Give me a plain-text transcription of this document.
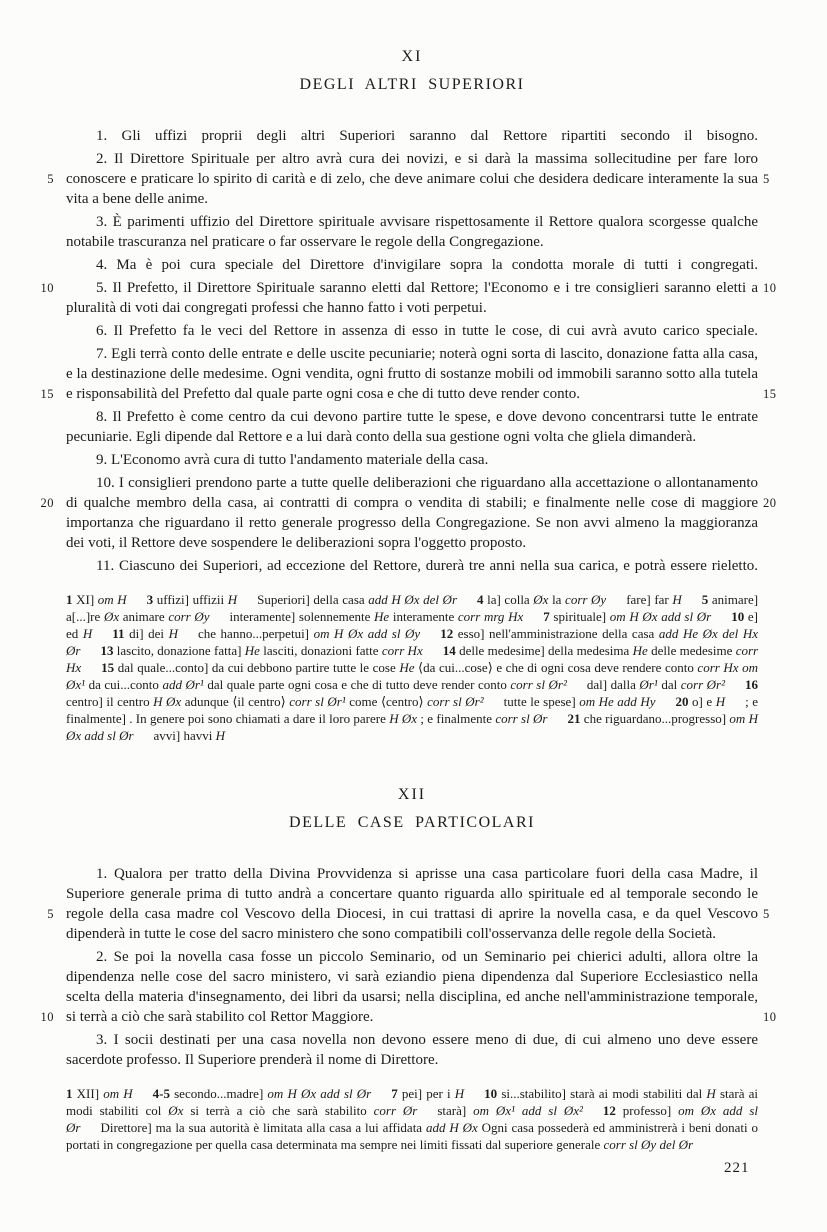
XI

DEGLI ALTRI SUPERIORI

1. Gli uffizi proprii degli altri Superiori saranno dal Rettore ripartiti secondo il bisogno.

5	5
2. Il Direttore Spirituale per altro avrà cura dei novizi, e si darà la massima sollecitudine per fare loro conoscere e praticare lo spirito di carità e di zelo, che deve animare colui che desidera dedicare interamente la sua vita a bene delle anime.

3. È parimenti uffizio del Direttore spirituale avvisare rispettosamente il Rettore qualora scorgesse qualche notabile trascuranza nel praticare o far osservare le regole della Congregazione.

4. Ma è poi cura speciale del Direttore d'invigilare sopra la condotta morale di tutti i congregati.

10	10
5. Il Prefetto, il Direttore Spirituale saranno eletti dal Rettore; l'Economo e i tre consiglieri saranno eletti a pluralità di voti dai congregati professi che hanno fatto i voti perpetui.

6. Il Prefetto fa le veci del Rettore in assenza di esso in tutte le cose, di cui avrà avuto carico speciale.

15	15
7. Egli terrà conto delle entrate e delle uscite pecuniarie; noterà ogni sorta di lascito, donazione fatta alla casa, e la destinazione delle medesime. Ogni vendita, ogni frutto di sostanze mobili od immobili saranno sotto alla tutela e risponsabilità del Prefetto dal quale parte ogni cosa e che di tutto deve render conto.

8. Il Prefetto è come centro da cui devono partire tutte le spese, e dove devono concentrarsi tutte le entrate pecuniarie. Egli dipende dal Rettore e a lui darà conto della sua gestione ogni volta che gliela dimanderà.

9. L'Economo avrà cura di tutto l'andamento materiale della casa.

20	20
10. I consiglieri prendono parte a tutte quelle deliberazioni che riguardano alla accettazione o allontanamento di qualche membro della casa, ai contratti di compra o vendita di stabili; e finalmente nelle cose di maggiore importanza che riguardano il retto generale progresso della Congregazione. Se non avvi almeno la maggioranza dei voti, il Rettore deve sospendere le deliberazioni sopra l'oggetto proposto.

11. Ciascuno dei Superiori, ad eccezione del Rettore, durerà tre anni nella sua carica, e potrà essere rieletto.

1 XI] om H 3 uffizi] uffizii H Superiori] della casa add H Øx del Ør 4 la] colla Øx la corr Øy fare] far H 5 animare] a[...]re Øx animare corr Øy interamente] solennemente He interamente corr mrg Hx 7 spirituale] om H Øx add sl Ør 10 e] ed H 11 di] dei H che hanno...perpetui] om H Øx add sl Øy 12 esso] nell'amministrazione della casa add He Øx del Hx Ør 13 lascito, donazione fatta] He lasciti, donazioni fatte corr Hx 14 delle medesime] della medesima He delle medesime corr Hx 15 dal quale...conto] da cui debbono partire tutte le cose He ⟨da cui...cose⟩ e che di ogni cosa deve rendere conto corr Hx om Øx¹ da cui...conto add Ør¹ dal quale parte ogni cosa e che di tutto deve render conto corr sl Ør² dal] dalla Ør¹ dal corr Ør² 16 centro] il centro H Øx adunque ⟨il centro⟩ corr sl Ør¹ come ⟨centro⟩ corr sl Ør² tutte le spese] om He add Hy 20 o] e H ; e finalmente] . In genere poi sono chiamati a dare il loro parere H Øx ; e finalmente corr sl Ør 21 che riguardano...progresso] om H Øx add sl Ør avvi] havvi H

XII

DELLE CASE PARTICOLARI

5	5
1. Qualora per tratto della Divina Provvidenza si aprisse una casa particolare fuori della casa Madre, il Superiore generale prima di tutto andrà a concertare quanto riguarda allo spirituale ed al temporale secondo le regole della casa madre col Vescovo della Diocesi, in cui trattasi di aprire la novella casa, e da quel Vescovo dipenderà in tutte le cose del sacro ministero che sono compatibili coll'osservanza delle regole della Società.

10	10
2. Se poi la novella casa fosse un piccolo Seminario, od un Seminario pei chierici adulti, allora oltre la dipendenza nelle cose del sacro ministero, vi sarà eziandio piena dipendenza dal Superiore Ecclesiastico nella scelta della materia d'insegnamento, dei libri da usarsi; nella disciplina, ed anche nell'amministrazione temporale, si terrà a ciò che sarà stabilito col Rettor Maggiore.

3. I socii destinati per una casa novella non devono essere meno di due, di cui almeno uno deve essere sacerdote professo. Il Superiore prenderà il nome di Direttore.

1 XII] om H 4-5 secondo...madre] om H Øx add sl Ør 7 pei] per i H 10 si...stabilito] starà ai modi stabiliti dal H starà ai modi stabiliti col Øx si terrà a ciò che sarà stabilito corr Ør starà] om Øx¹ add sl Øx² 12 professo] om Øx add sl Ør Direttore] ma la sua autorità è limitata alla casa a lui affidata add H Øx Ogni casa possederà ed amministrerà i beni donati o portati in congregazione per quella casa determinata ma sempre nei limiti fissati dal superiore generale corr sl Øy del Ør
221
